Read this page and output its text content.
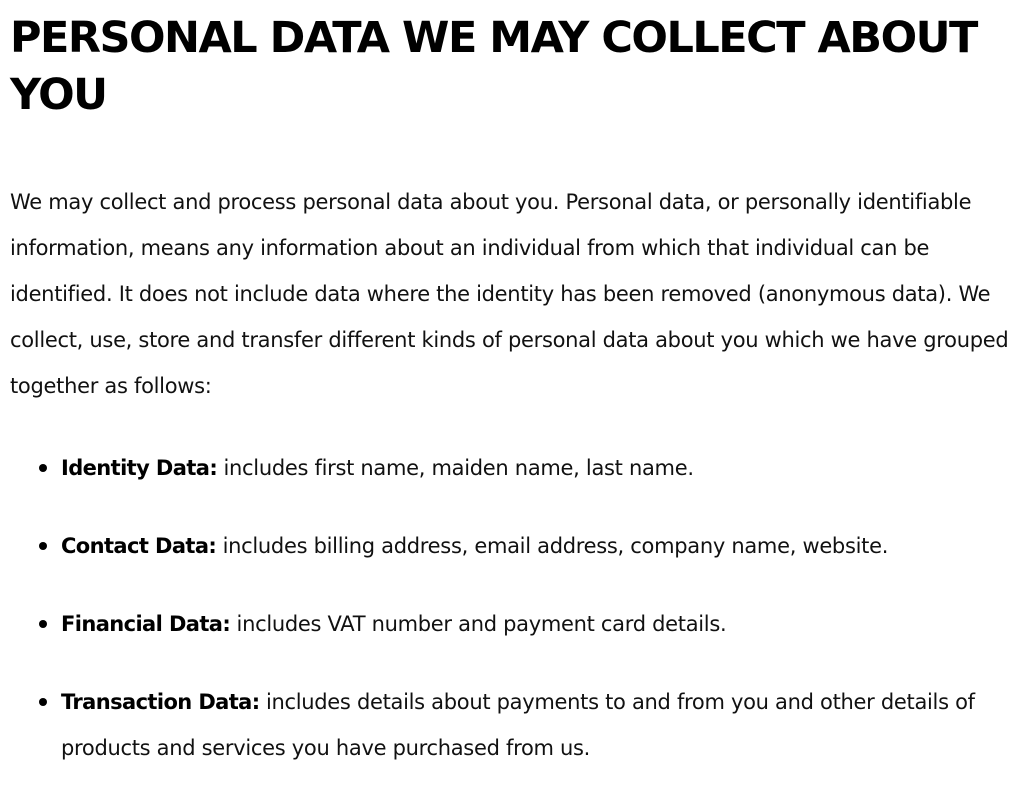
PERSONAL DATA WE MAY COLLECT ABOUT YOU

We may collect and process personal data about you. Personal data, or personally identifiable information, means any information about an individual from which that individual can be identified. It does not include data where the identity has been removed (anonymous data). We collect, use, store and transfer different kinds of personal data about you which we have grouped together as follows:

Identity Data: includes first name, maiden name, last name.
Contact Data: includes billing address, email address, company name, website.
Financial Data: includes VAT number and payment card details.
Transaction Data: includes details about payments to and from you and other details of products and services you have purchased from us.
